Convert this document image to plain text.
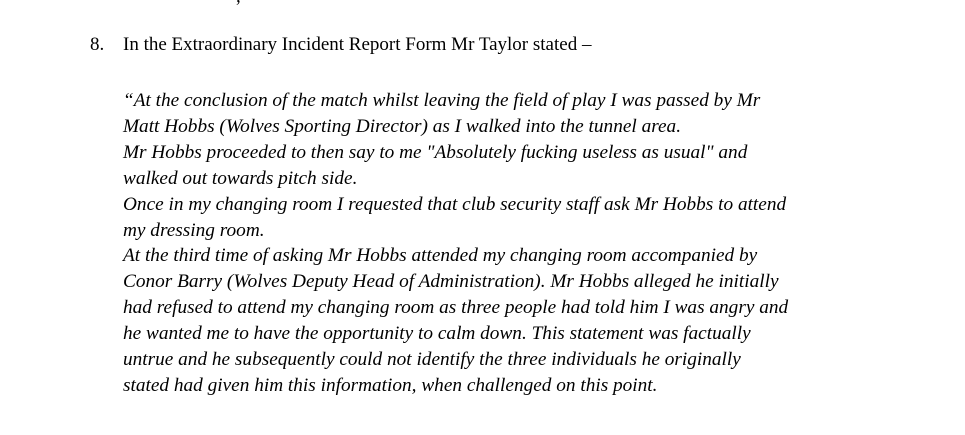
8. In the Extraordinary Incident Report Form Mr Taylor stated –
“At the conclusion of the match whilst leaving the field of play I was passed by Mr
Matt Hobbs (Wolves Sporting Director) as I walked into the tunnel area.
Mr Hobbs proceeded to then say to me "Absolutely fucking useless as usual" and
walked out towards pitch side.
Once in my changing room I requested that club security staff ask Mr Hobbs to attend
my dressing room.
At the third time of asking Mr Hobbs attended my changing room accompanied by
Conor Barry (Wolves Deputy Head of Administration). Mr Hobbs alleged he initially
had refused to attend my changing room as three people had told him I was angry and
he wanted me to have the opportunity to calm down. This statement was factually
untrue and he subsequently could not identify the three individuals he originally
stated had given him this information, when challenged on this point.
